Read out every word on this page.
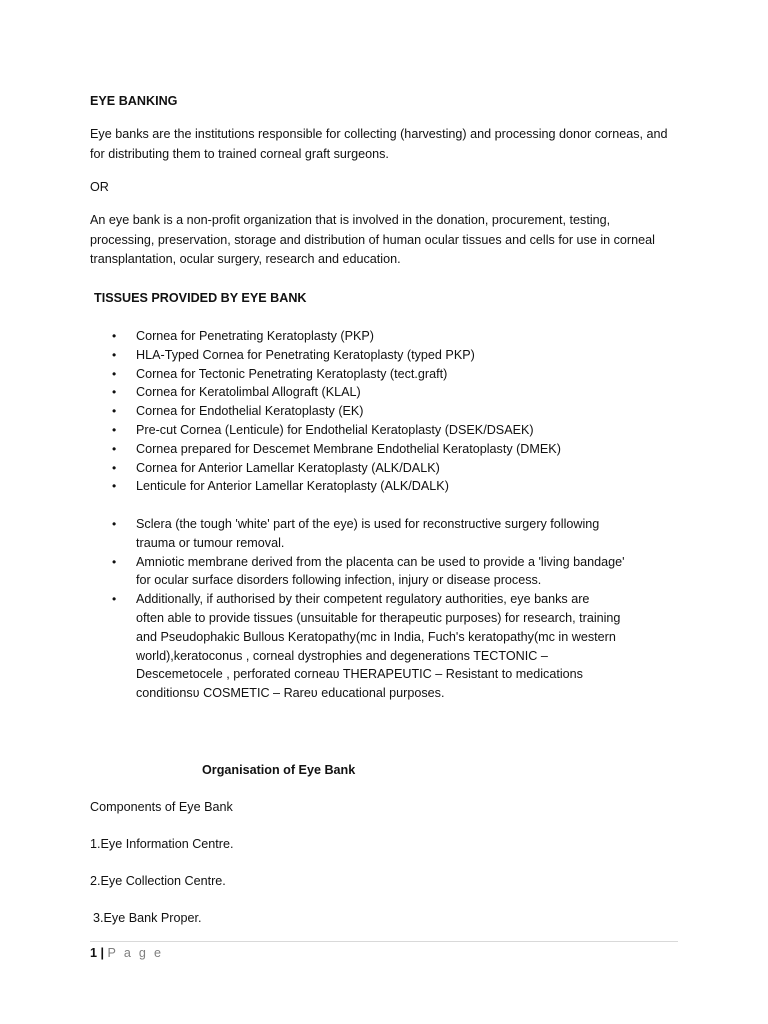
EYE BANKING

Eye banks are the institutions responsible for collecting (harvesting) and processing donor corneas, and

for distributing them to trained corneal graft surgeons.

OR

An eye bank is a non-profit organization that is involved in the donation, procurement, testing,

processing, preservation, storage and distribution of human ocular tissues and cells for use in corneal

transplantation, ocular surgery, research and education.

TISSUES PROVIDED BY EYE BANK

• Cornea for Penetrating Keratoplasty (PKP)
• HLA-Typed Cornea for Penetrating Keratoplasty (typed PKP)
• Cornea for Tectonic Penetrating Keratoplasty (tect.graft)
• Cornea for Keratolimbal Allograft (KLAL)
• Cornea for Endothelial Keratoplasty (EK)
• Pre-cut Cornea (Lenticule) for Endothelial Keratoplasty (DSEK/DSAEK)
• Cornea prepared for Descemet Membrane Endothelial Keratoplasty (DMEK)
• Cornea for Anterior Lamellar Keratoplasty (ALK/DALK)
• Lenticule for Anterior Lamellar Keratoplasty (ALK/DALK)
• Sclera (the tough 'white' part of the eye) is used for reconstructive surgery following
trauma or tumour removal.
• Amniotic membrane derived from the placenta can be used to provide a 'living bandage'
for ocular surface disorders following infection, injury or disease process.
• Additionally, if authorised by their competent regulatory authorities, eye banks are
often able to provide tissues (unsuitable for therapeutic purposes) for research, training
and Pseudophakic Bullous Keratopathy(mc in India, Fuch's keratopathy(mc in western
world),keratoconus , corneal dystrophies and degenerations TECTONIC –
Descemetocele , perforated corneaʋ THERAPEUTIC – Resistant to medications
conditionsʋ COSMETIC – Rareʋ educational purposes.

Organisation of Eye Bank

Components of Eye Bank

1.Eye Information Centre.

2.Eye Collection Centre.

3.Eye Bank Proper.

1 | P a g e
